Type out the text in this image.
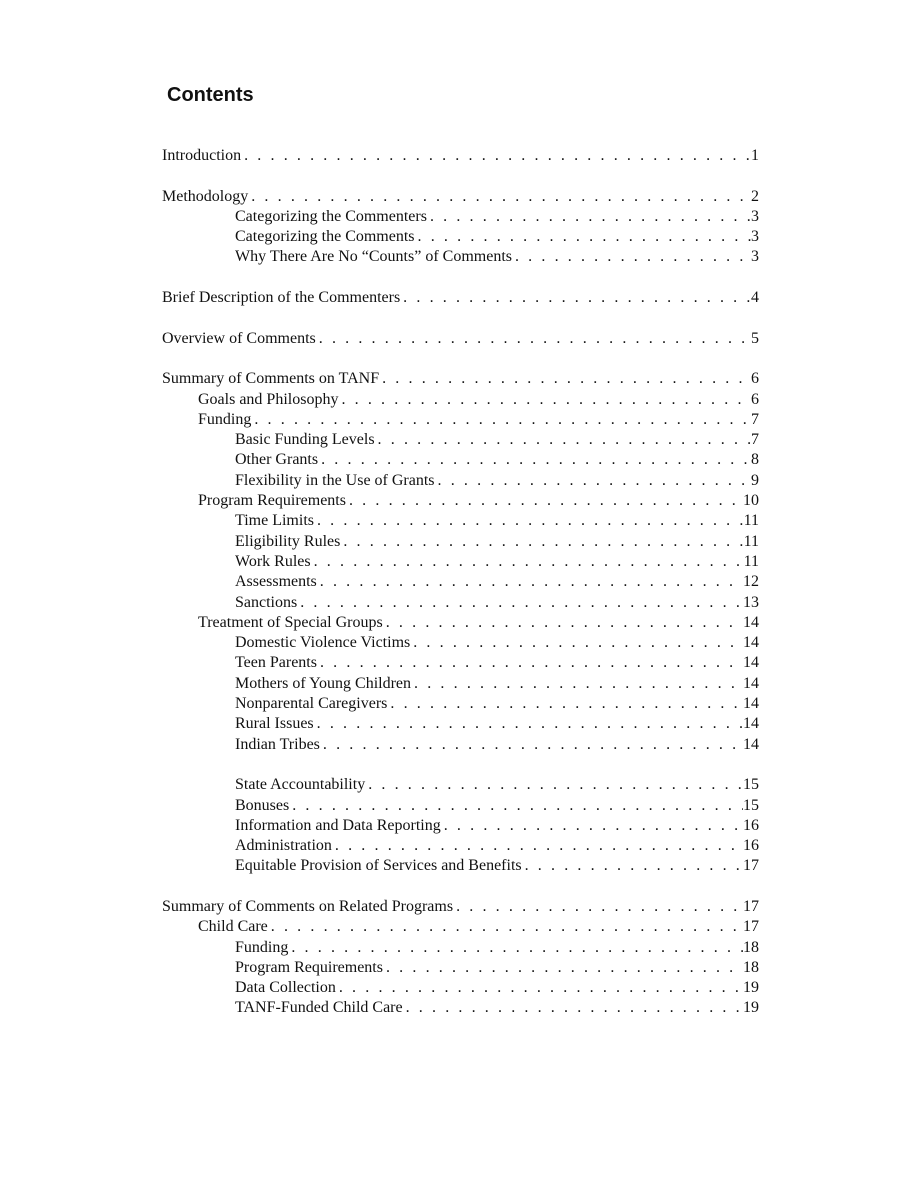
Contents
Introduction . . .	1
Methodology . . .	2
Categorizing the Commenters . . .	3
Categorizing the Comments . . .	3
Why There Are No “Counts” of Comments . . .	3
Brief Description of the Commenters . . .	4
Overview of Comments . . .	5
Summary of Comments on TANF . . .	6
Goals and Philosophy . . .	6
Funding . . .	7
Basic Funding Levels . . .	7
Other Grants . . .	8
Flexibility in the Use of Grants . . .	9
Program Requirements . . .	10
Time Limits . . .	11
Eligibility Rules . . .	11
Work Rules . . .	11
Assessments . . .	12
Sanctions . . .	13
Treatment of Special Groups . . .	14
Domestic Violence Victims . . .	14
Teen Parents . . .	14
Mothers of Young Children . . .	14
Nonparental Caregivers . . .	14
Rural Issues . . .	14
Indian Tribes . . .	14
State Accountability . . .	15
Bonuses . . .	15
Information and Data Reporting . . .	16
Administration . . .	16
Equitable Provision of Services and Benefits . . .	17
Summary of Comments on Related Programs . . .	17
Child Care . . .	17
Funding . . .	18
Program Requirements . . .	18
Data Collection . . .	19
TANF-Funded Child Care . . .	19
